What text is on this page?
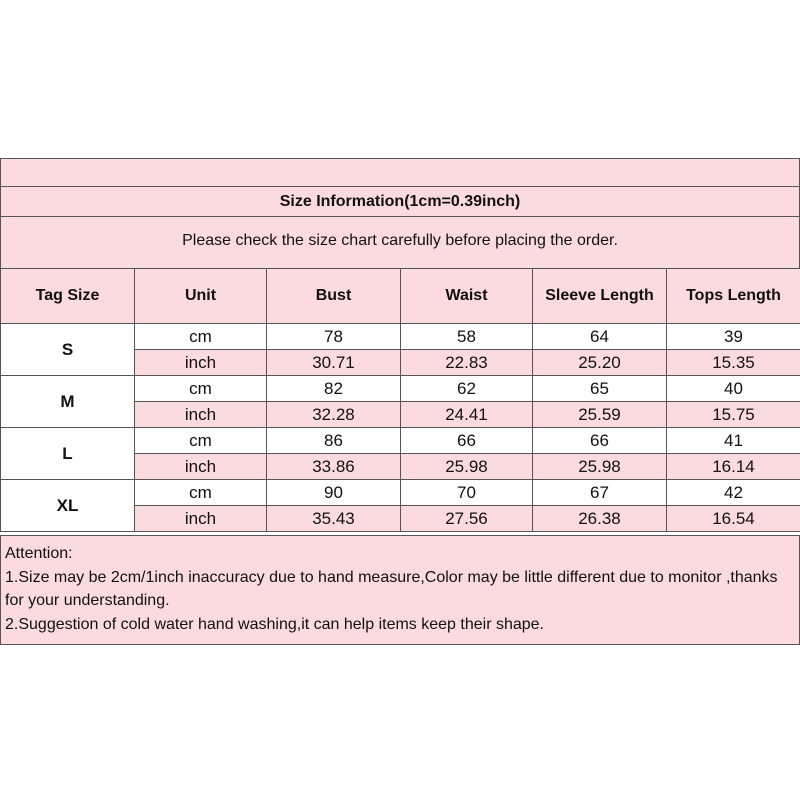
Size Information(1cm=0.39inch)
Please check the size chart carefully before placing the order.
Tag Size	Unit	Bust	Waist	Sleeve Length	Tops Length
S	cm	78	58	64	39
	inch	30.71	22.83	25.20	15.35
M	cm	82	62	65	40
	inch	32.28	24.41	25.59	15.75
L	cm	86	66	66	41
	inch	33.86	25.98	25.98	16.14
XL	cm	90	70	67	42
	inch	35.43	27.56	26.38	16.54
Attention:
1.Size may be 2cm/1inch inaccuracy due to hand measure,Color may be little different due to monitor ,thanks for your understanding.
2.Suggestion of cold water hand washing,it can help items keep their shape.
